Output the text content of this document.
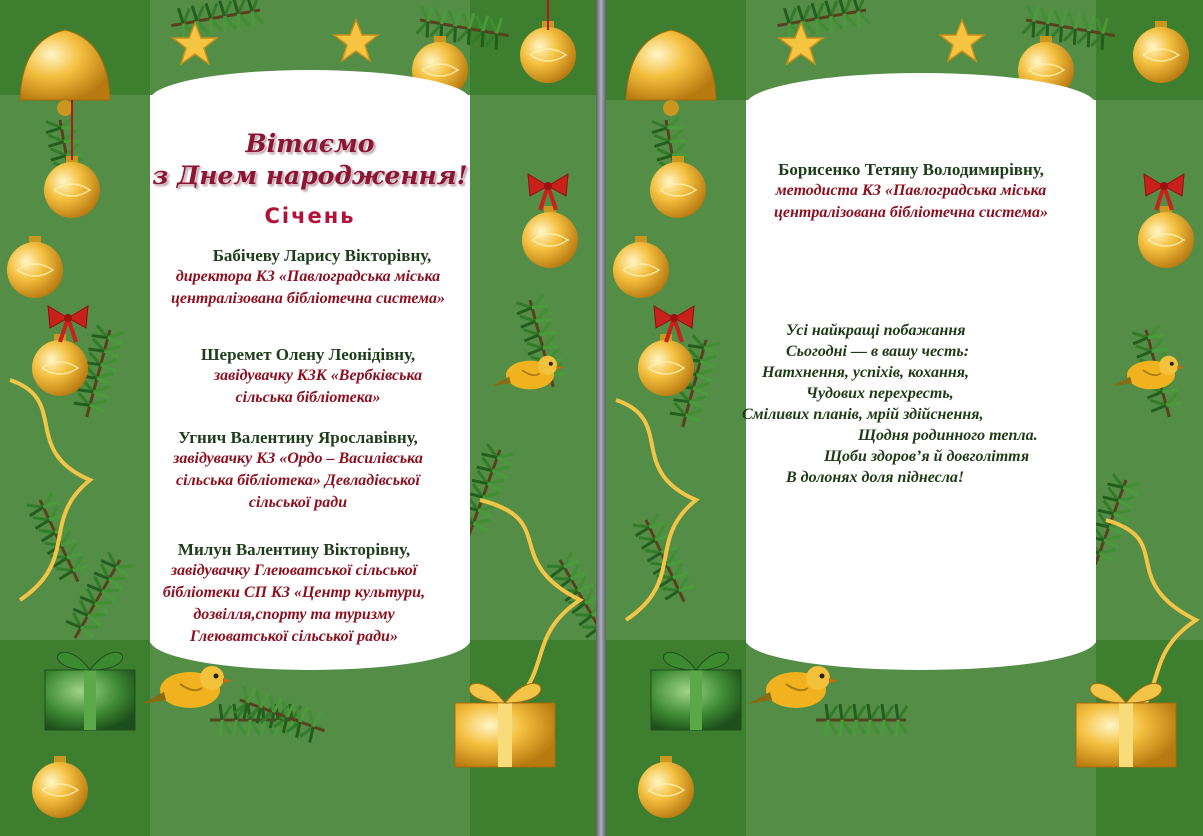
Вітаємо
з Днем народження!
Січень
Бабічеву Ларису Вікторівну,
директора КЗ «Павлоградська міська
централізована бібліотечна система»
Шеремет Олену Леонідівну,
завідувачку КЗК «Вербківська
сільська бібліотека»
Угнич Валентину Ярославівну,
завідувачку КЗ «Ордо – Василівська
сільська бібліотека» Девладівської
сільської ради
Милун Валентину Вікторівну,
завідувачку Глеюватської сільської
бібліотеки СП КЗ «Центр культури,
дозвілля,спорту та туризму
Глеюватської сільської ради»
Борисенко Тетяну Володимирівну,
методиста КЗ «Павлоградська міська
централізована бібліотечна система»
Усі найкращі побажання
Сьогодні — в вашу честь:
Натхнення, успіхів, кохання,
Чудових перехресть,
Сміливих планів, мрій здійснення,
Щодня родинного тепла.
Щоби здоров’я й довголіття
В долонях доля піднесла!
